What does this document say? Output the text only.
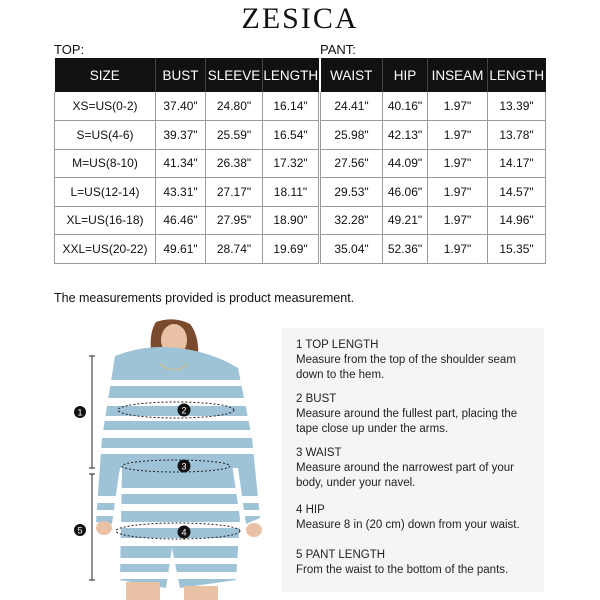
ZESICA
TOP:	PANT:
SIZE	BUST	SLEEVE	LENGTH
XS=US(0-2)	37.40"	24.80"	16.14"
S=US(4-6)	39.37"	25.59"	16.54"
M=US(8-10)	41.34"	26.38"	17.32"
L=US(12-14)	43.31"	27.17"	18.11"
XL=US(16-18)	46.46"	27.95"	18.90"
XXL=US(20-22)	49.61"	28.74"	19.69"
WAIST	HIP	INSEAM	LENGTH
24.41"	40.16"	1.97"	13.39"
25.98"	42.13"	1.97"	13.78"
27.56"	44.09"	1.97"	14.17"
29.53"	46.06"	1.97"	14.57"
32.28"	49.21"	1.97"	14.96"
35.04"	52.36"	1.97"	15.35"
The measurements provided is product measurement.
1	2
3
4
5
1 TOP LENGTH
Measure from the top of the shoulder seam down to the hem.
2 BUST
Measure around the fullest part, placing the tape close up under the arms.
3 WAIST
Measure around the narrowest part of your body, under your navel.
4 HIP
Measure 8 in (20 cm) down from your waist.
5 PANT LENGTH
From the waist to the bottom of the pants.
